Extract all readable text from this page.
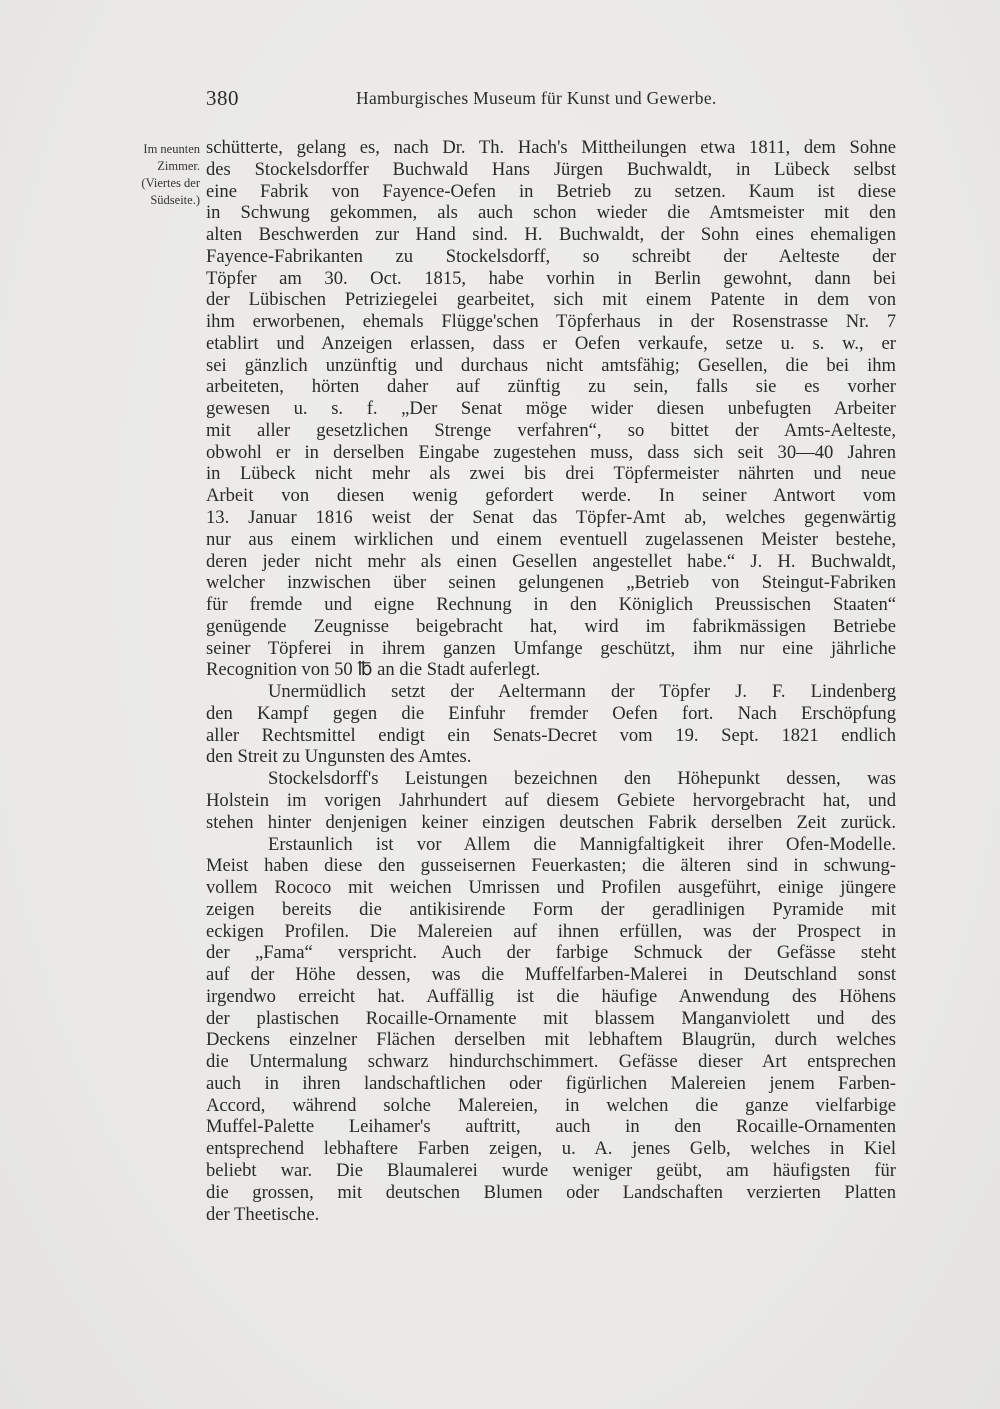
380	Hamburgisches Museum für Kunst und Gewerbe.
Im neunten
Zimmer.
(Viertes der
Südseite.)
schütterte, gelang es, nach Dr. Th. Hach's Mittheilungen etwa 1811, dem Sohne
des Stockelsdorffer Buchwald Hans Jürgen Buchwaldt, in Lübeck selbst
eine Fabrik von Fayence-Oefen in Betrieb zu setzen. Kaum ist diese
in Schwung gekommen, als auch schon wieder die Amtsmeister mit den
alten Beschwerden zur Hand sind. H. Buchwaldt, der Sohn eines ehemaligen
Fayence-Fabrikanten zu Stockelsdorff, so schreibt der Aelteste der
Töpfer am 30. Oct. 1815, habe vorhin in Berlin gewohnt, dann bei
der Lübischen Petriziegelei gearbeitet, sich mit einem Patente in dem von
ihm erworbenen, ehemals Flügge'schen Töpferhaus in der Rosenstrasse Nr. 7
etablirt und Anzeigen erlassen, dass er Oefen verkaufe, setze u. s. w., er
sei gänzlich unzünftig und durchaus nicht amtsfähig; Gesellen, die bei ihm
arbeiteten, hörten daher auf zünftig zu sein, falls sie es vorher
gewesen u. s. f. „Der Senat möge wider diesen unbefugten Arbeiter
mit aller gesetzlichen Strenge verfahren“, so bittet der Amts-Aelteste,
obwohl er in derselben Eingabe zugestehen muss, dass sich seit 30—40 Jahren
in Lübeck nicht mehr als zwei bis drei Töpfermeister nährten und neue
Arbeit von diesen wenig gefordert werde. In seiner Antwort vom
13. Januar 1816 weist der Senat das Töpfer-Amt ab, welches gegenwärtig
nur aus einem wirklichen und einem eventuell zugelassenen Meister bestehe,
deren jeder nicht mehr als einen Gesellen angestellet habe.“ J. H. Buchwaldt,
welcher inzwischen über seinen gelungenen „Betrieb von Steingut-Fabriken
für fremde und eigne Rechnung in den Königlich Preussischen Staaten“
genügende Zeugnisse beigebracht hat, wird im fabrikmässigen Betriebe
seiner Töpferei in ihrem ganzen Umfange geschützt, ihm nur eine jährliche
Recognition von 50 ℔ an die Stadt auferlegt.
Unermüdlich setzt der Aeltermann der Töpfer J. F. Lindenberg
den Kampf gegen die Einfuhr fremder Oefen fort. Nach Erschöpfung
aller Rechtsmittel endigt ein Senats-Decret vom 19. Sept. 1821 endlich
den Streit zu Ungunsten des Amtes.
Stockelsdorff's Leistungen bezeichnen den Höhepunkt dessen, was
Holstein im vorigen Jahrhundert auf diesem Gebiete hervorgebracht hat, und
stehen hinter denjenigen keiner einzigen deutschen Fabrik derselben Zeit zurück.
Erstaunlich ist vor Allem die Mannigfaltigkeit ihrer Ofen-Modelle.
Meist haben diese den gusseisernen Feuerkasten; die älteren sind in schwung-
vollem Rococo mit weichen Umrissen und Profilen ausgeführt, einige jüngere
zeigen bereits die antikisirende Form der geradlinigen Pyramide mit
eckigen Profilen. Die Malereien auf ihnen erfüllen, was der Prospect in
der „Fama“ verspricht. Auch der farbige Schmuck der Gefässe steht
auf der Höhe dessen, was die Muffelfarben-Malerei in Deutschland sonst
irgendwo erreicht hat. Auffällig ist die häufige Anwendung des Höhens
der plastischen Rocaille-Ornamente mit blassem Manganviolett und des
Deckens einzelner Flächen derselben mit lebhaftem Blaugrün, durch welches
die Untermalung schwarz hindurchschimmert. Gefässe dieser Art entsprechen
auch in ihren landschaftlichen oder figürlichen Malereien jenem Farben-
Accord, während solche Malereien, in welchen die ganze vielfarbige
Muffel-Palette Leihamer's auftritt, auch in den Rocaille-Ornamenten
entsprechend lebhaftere Farben zeigen, u. A. jenes Gelb, welches in Kiel
beliebt war. Die Blaumalerei wurde weniger geübt, am häufigsten für
die grossen, mit deutschen Blumen oder Landschaften verzierten Platten
der Theetische.
